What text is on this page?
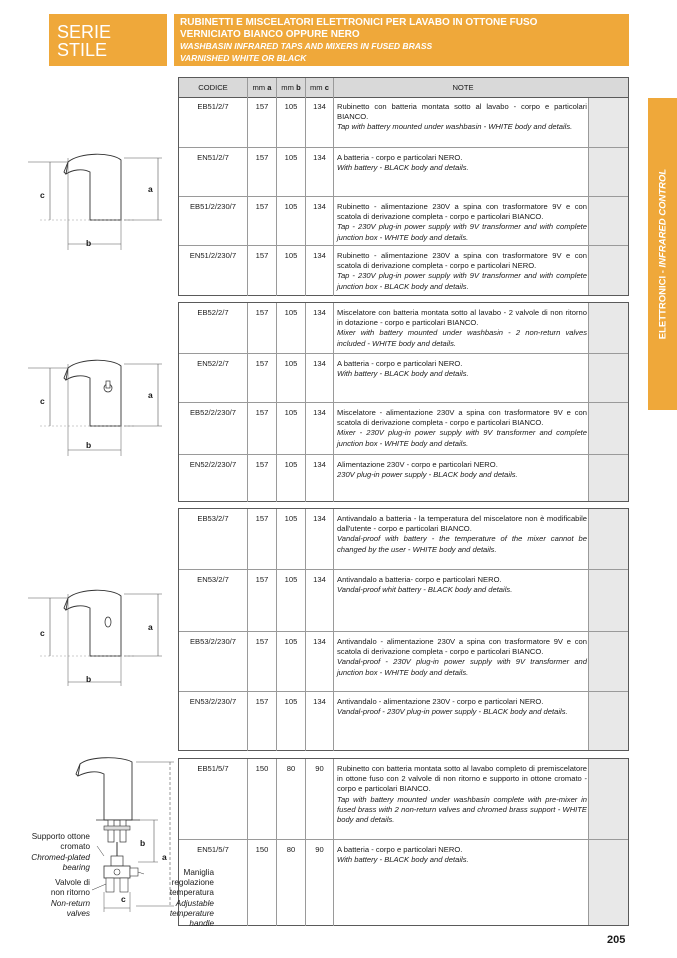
SERIE
STILE
RUBINETTI E MISCELATORI ELETTRONICI PER LAVABO IN OTTONE FUSO
VERNICIATO BIANCO OPPURE NERO
WASHBASIN INFRARED TAPS AND MIXERS IN FUSED BRASS
VARNISHED WHITE OR BLACK
ELETTRONICI - INFRARED CONTROL
CODICE	mm a	mm b	mm c	NOTE
EB51/2/7	157	105	134	Rubinetto con batteria montata sotto al lavabo - corpo e particolari BIANCO.
Tap with battery mounted under washbasin - WHITE body and details.
EN51/2/7	157	105	134	A batteria - corpo e particolari NERO.
With battery - BLACK body and details.
EB51/2/230/7	157	105	134	Rubinetto - alimentazione 230V a spina con trasformatore 9V e con scatola di derivazione completa - corpo e particolari BIANCO.
Tap - 230V plug-in power supply with 9V transformer and with complete junction box - WHITE body and details.
EN51/2/230/7	157	105	134	Rubinetto - alimentazione 230V a spina con trasformatore 9V e con scatola di derivazione completa - corpo e particolari NERO.
Tap - 230V plug-in power supply with 9V transformer and with complete junction box - BLACK body and details.
EB52/2/7	157	105	134	Miscelatore con batteria montata sotto al lavabo - 2 valvole di non ritorno in dotazione - corpo e particolari BIANCO.
Mixer with battery mounted under washbasin - 2 non-return valves included - WHITE body and details.
EN52/2/7	157	105	134	A batteria - corpo e particolari NERO.
With battery - BLACK body and details.
EB52/2/230/7	157	105	134	Miscelatore - alimentazione 230V a spina con trasformatore 9V e con scatola di derivazione completa - corpo e particolari BIANCO.
Mixer - 230V plug-in power supply with 9V transformer and complete junction box - WHITE body and details.
EN52/2/230/7	157	105	134	Alimentazione 230V - corpo e particolari NERO.
230V plug-in power supply - BLACK body and details.
EB53/2/7	157	105	134	Antivandalo a batteria - la temperatura del miscelatore non è modificabile dall'utente - corpo e particolari BIANCO.
Vandal-proof with battery - the temperature of the mixer cannot be changed by the user - WHITE body and details.
EN53/2/7	157	105	134	Antivandalo a batteria- corpo e particolari NERO.
Vandal-proof whit battery - BLACK body and details.
EB53/2/230/7	157	105	134	Antivandalo - alimentazione 230V a spina con trasformatore 9V e con scatola di derivazione completa - corpo e particolari BIANCO.
Vandal-proof - 230V plug-in power supply with 9V transformer and junction box - WHITE body and details.
EN53/2/230/7	157	105	134	Antivandalo - alimentazione 230V - corpo e particolari NERO.
Vandal-proof - 230V plug-in power supply - BLACK body and details.
EB51/5/7	150	80	90	Rubinetto con batteria montata sotto al lavabo completo di premiscelatore in ottone fuso con 2 valvole di non ritorno e supporto in ottone cromato - corpo e particolari BIANCO.
Tap with battery mounted under washbasin complete with pre-mixer in fused brass with 2 non-return valves and chromed brass support - WHITE body and details.
EN51/5/7	150	80	90	A batteria - corpo e particolari NERO.
With battery - BLACK body and details.
c
a
b
c
a
b
c
a
b
b
a
c
Supporto ottone
cromato
Chromed-plated
bearing
Valvole di
non ritorno
Non-return
valves
Maniglia
regolazione
temperatura
Adjustable
temperature
handle
205
